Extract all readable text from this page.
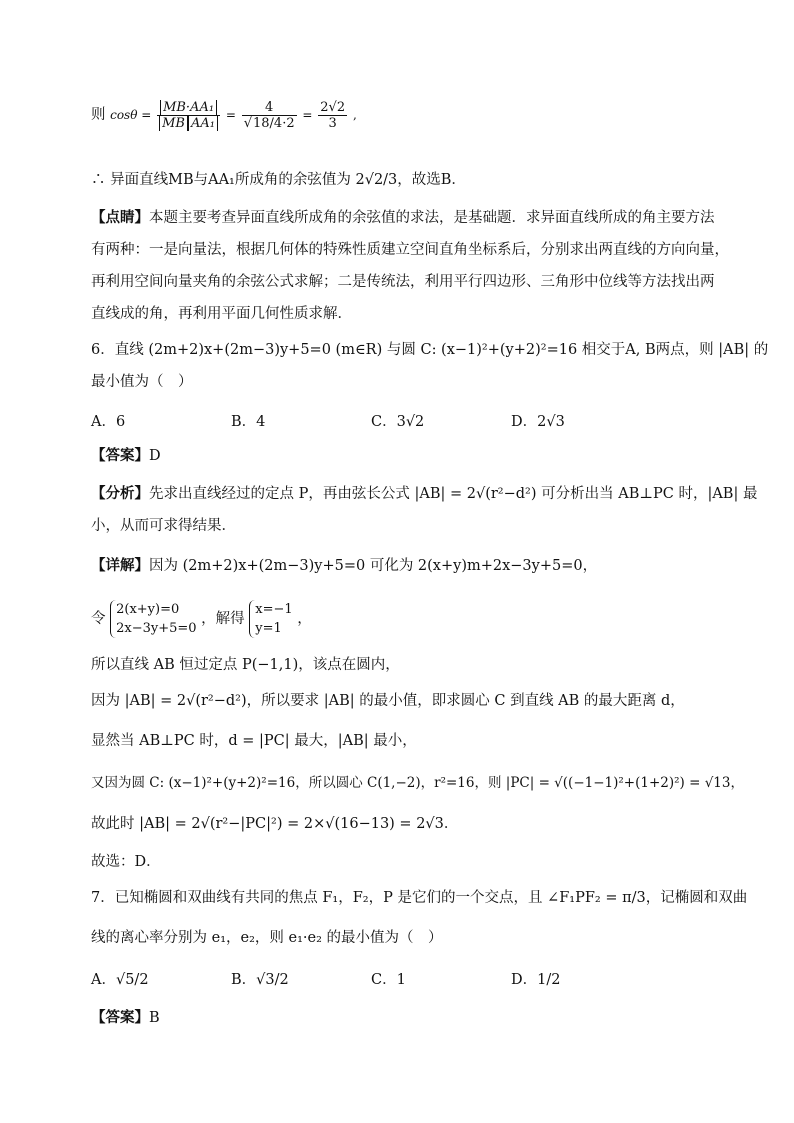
则 $\cos\theta = \frac{\text{MB·AA₁}}{\text{MB AA₁}} = \frac{4}{√18/4\cdot 2} = \frac{2√2}{3}$ ,
∴ 异面直线MB与AA₁所成角的余弦值为 2√2/3，故选B．
【点睛】本题主要考查异面直线所成角的余弦值的求法，是基础题．求异面直线所成的角主要方法
有两种：一是向量法，根据几何体的特殊性质建立空间直角坐标系后，分别求出两直线的方向向量，
再利用空间向量夹角的余弦公式求解；二是传统法，利用平行四边形、三角形中位线等方法找出两
直线成的角，再利用平面几何性质求解．
6．直线 (2m+2)x+(2m−3)y+5=0 (m∈R) 与圆 C: (x−1)²+(y+2)²=16 相交于A, B两点，则 |AB| 的
最小值为（　）
A．6	B．4	C．3√2	D．2√3
【答案】D
【分析】先求出直线经过的定点 P，再由弦长公式 |AB| = 2√(r²−d²) 可分析出当 AB⊥PC 时，|AB| 最
小，从而可求得结果．
【详解】因为 (2m+2)x+(2m−3)y+5=0 可化为 2(x+y)m+2x−3y+5=0，
令
2(x+y)=0
2x−3y+5=0
，解得
x=−1
y=1
，
所以直线 AB 恒过定点 P(−1,1)，该点在圆内，
因为 |AB| = 2√(r²−d²)，所以要求 |AB| 的最小值，即求圆心 C 到直线 AB 的最大距离 d，
显然当 AB⊥PC 时，d = |PC| 最大，|AB| 最小，
又因为圆 C: (x−1)²+(y+2)²=16，所以圆心 C(1,−2)，r²=16，则 |PC| = √((−1−1)²+(1+2)²) = √13，
故此时 |AB| = 2√(r²−|PC|²) = 2×√(16−13) = 2√3．
故选：D．
7．已知椭圆和双曲线有共同的焦点 F₁，F₂，P 是它们的一个交点，且 ∠F₁PF₂ = π/3，记椭圆和双曲
线的离心率分别为 e₁，e₂，则 e₁·e₂ 的最小值为（　）
A．√5/2	B．√3/2	C．1	D．1/2
【答案】B
